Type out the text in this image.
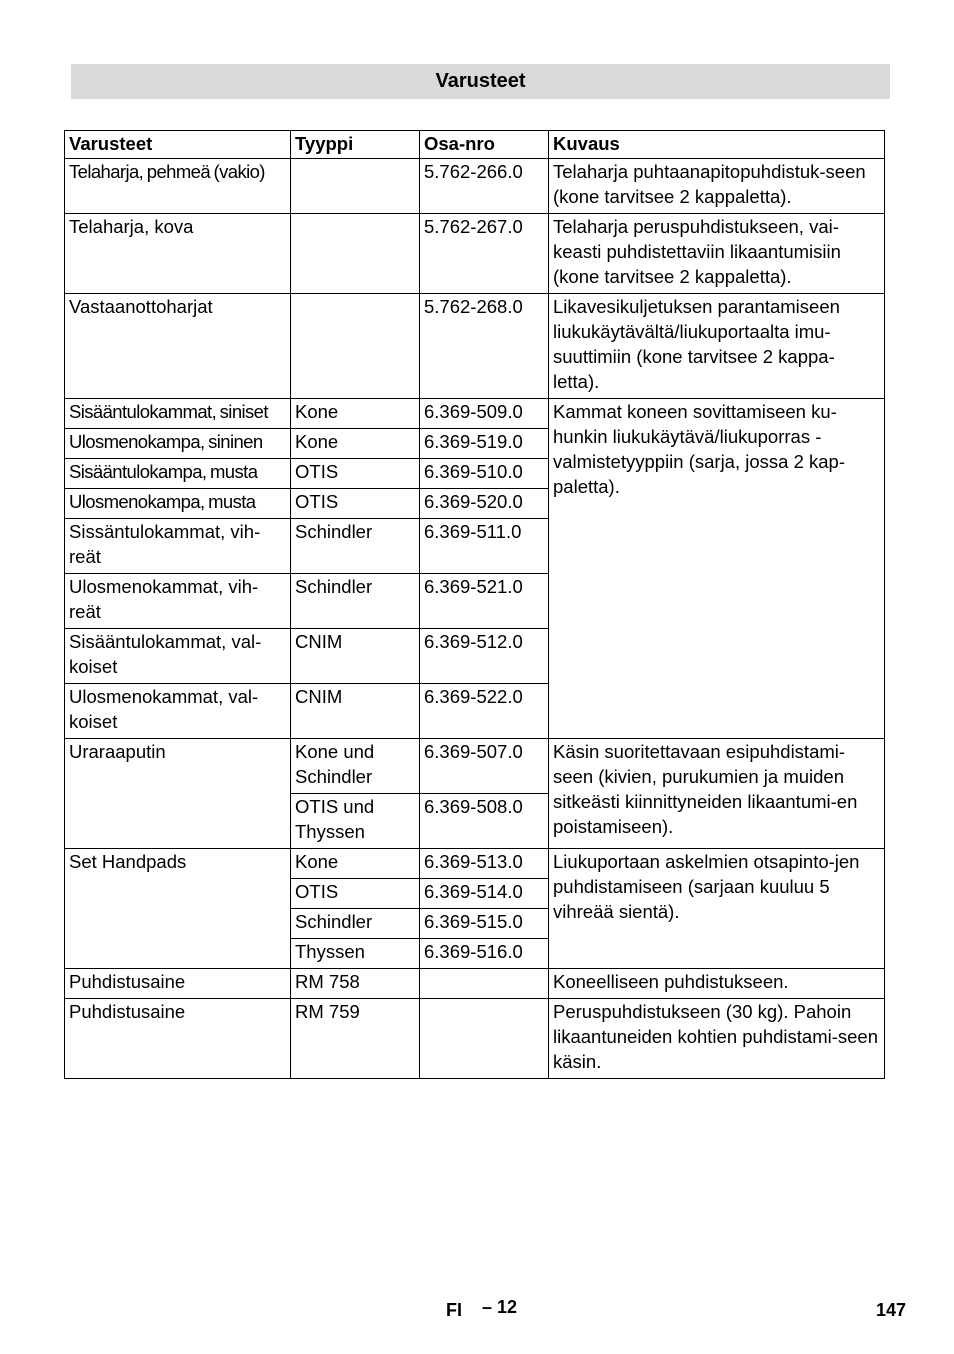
Varusteet
Varusteet	Tyyppi	Osa-nro	Kuvaus
Telaharja, pehmeä (vakio)		5.762-266.0	Telaharja puhtaanapitopuhdistuk-seen (kone tarvitsee 2 kappaletta).
Telaharja, kova		5.762-267.0	Telaharja peruspuhdistukseen, vai-keasti puhdistettaviin likaantumisiin (kone tarvitsee 2 kappaletta).
Vastaanottoharjat		5.762-268.0	Likavesikuljetuksen parantamiseen liukukäytävältä/liukuportaalta imu-suuttimiin (kone tarvitsee 2 kappa-letta).
Sisääntulokammat, siniset	Kone	6.369-509.0	Kammat koneen sovittamiseen ku-hunkin liukukäytävä/liukuporras -valmistetyyppiin (sarja, jossa 2 kap-paletta).
Ulosmenokampa, sininen	Kone	6.369-519.0	
Sisääntulokampa, musta	OTIS	6.369-510.0	
Ulosmenokampa, musta	OTIS	6.369-520.0	
Sissäntulokammat, vih-reät	Schindler	6.369-511.0	
Ulosmenokammat, vih-reät	Schindler	6.369-521.0	
Sisääntulokammat, val-koiset	CNIM	6.369-512.0	
Ulosmenokammat, val-koiset	CNIM	6.369-522.0	
Uraraaputin	Kone und Schindler	6.369-507.0	Käsin suoritettavaan esipuhdistami-seen (kivien, purukumien ja muiden sitkeästi kiinnittyneiden likaantumi-en poistamiseen).
	OTIS und Thyssen	6.369-508.0	
Set Handpads	Kone	6.369-513.0	Liukuportaan askelmien otsapinto-jen puhdistamiseen (sarjaan kuuluu 5 vihreää sientä).
	OTIS	6.369-514.0	
	Schindler	6.369-515.0	
	Thyssen	6.369-516.0	
Puhdistusaine	RM 758		Koneelliseen puhdistukseen.
Puhdistusaine	RM 759		Peruspuhdistukseen (30 kg). Pahoin likaantuneiden kohtien puhdistami-seen käsin.
FI – 12	147
